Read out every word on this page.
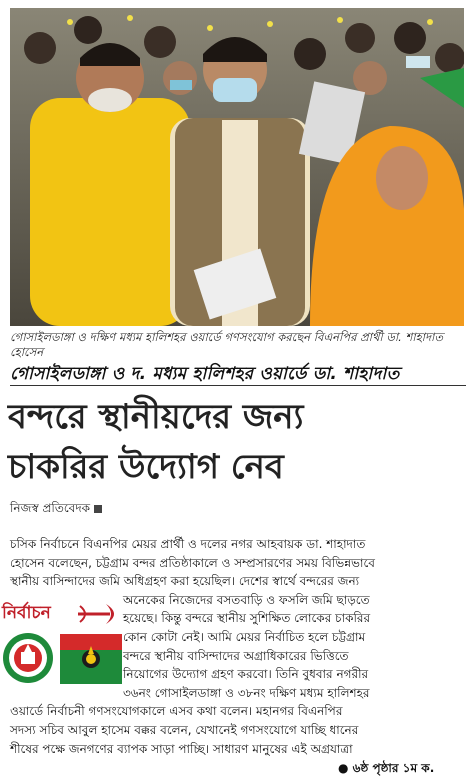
গোসাইলডাঙ্গা ও দক্ষিণ মধ্যম হালিশহর ওয়ার্ডে গণসংযোগ করছেন বিএনপির প্রার্থী ডা. শাহাদাত হোসেন
গোসাইলডাঙ্গা ও দ. মধ্যম হালিশহর ওয়ার্ডে ডা. শাহাদাত
বন্দরে স্থানীয়দের জন্য
চাকরির উদ্যোগ নেব
নিজস্ব প্রতিবেদক

চসিক নির্বাচনে বিএনপির মেয়র প্রার্থী ও দলের নগর আহবায়ক ডা. শাহাদাত

হোসেন বলেছেন, চট্টগ্রাম বন্দর প্রতিষ্ঠাকালে ও সম্প্রসারণের সময় বিভিন্নভাবে

স্থানীয় বাসিন্দাদের জমি অধিগ্রহণ করা হয়েছিল। দেশের স্বার্থে বন্দরের জন্য

অনেকের নিজেদের বসতবাড়ি ও ফসলি জমি ছাড়তে

হয়েছে। কিন্তু বন্দরে স্থানীয় সুশিক্ষিত লোকের চাকরির

কোন কোটা নেই। আমি মেয়র নির্বাচিত হলে চট্টগ্রাম

বন্দরে স্থানীয় বাসিন্দাদের অগ্রাধিকারের ভিত্তিতে

নিয়োগের উদ্যোগ গ্রহণ করবো। তিনি বুধবার নগরীর

৩৬নং গোসাইলডাঙ্গা ও ৩৮নং দক্ষিণ মধ্যম হালিশহর

ওয়ার্ডে নির্বাচনী গণসংযোগকালে এসব কথা বলেন। মহানগর বিএনপির

সদস্য সচিব আবুল হাসেম বক্কর বলেন, যেখানেই গণসংযোগে যাচ্ছি ধানের

শীষের পক্ষে জনগণের ব্যাপক সাড়া পাচ্ছি। সাধারণ মানুষের এই অগ্রযাত্রা

নির্বাচন
● ৬ষ্ঠ পৃষ্ঠার ১ম ক.
